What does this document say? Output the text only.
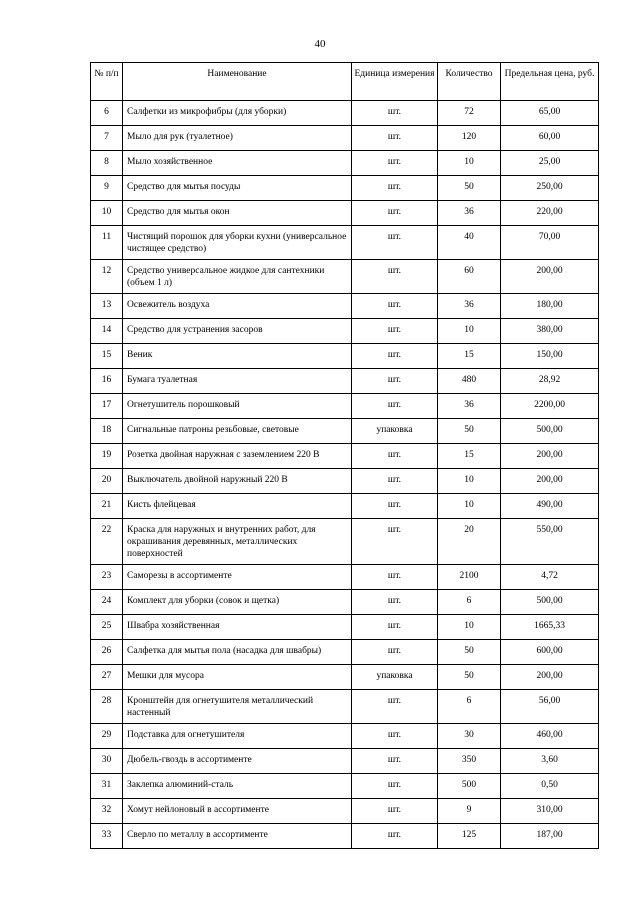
40
№ п/п	Наименование	Единица измерения	Количество	Предельная цена, руб.
6	Салфетки из микрофибры (для уборки)	шт.	72	65,00
7	Мыло для рук (туалетное)	шт.	120	60,00
8	Мыло хозяйственное	шт.	10	25,00
9	Средство для мытья посуды	шт.	50	250,00
10	Средство для мытья окон	шт.	36	220,00
11	Чистящий порошок для уборки кухни (универсальное чистящее средство)	шт.	40	70,00
12	Средство универсальное жидкое для сантехники (объем 1 л)	шт.	60	200,00
13	Освежитель воздуха	шт.	36	180,00
14	Средство для устранения засоров	шт.	10	380,00
15	Веник	шт.	15	150,00
16	Бумага туалетная	шт.	480	28,92
17	Огнетушитель порошковый	шт.	36	2200,00
18	Сигнальные патроны резьбовые, световые	упаковка	50	500,00
19	Розетка двойная наружная с заземлением 220 В	шт.	15	200,00
20	Выключатель двойной наружный 220 В	шт.	10	200,00
21	Кисть флейцевая	шт.	10	490,00
22	Краска для наружных и внутренних работ, для окрашивания деревянных, металлических поверхностей	шт.	20	550,00
23	Саморезы в ассортименте	шт.	2100	4,72
24	Комплект для уборки (совок и щетка)	шт.	6	500,00
25	Швабра хозяйственная	шт.	10	1665,33
26	Салфетка для мытья пола (насадка для швабры)	шт.	50	600,00
27	Мешки для мусора	упаковка	50	200,00
28	Кронштейн для огнетушителя металлический настенный	шт.	6	56,00
29	Подставка для огнетушителя	шт.	30	460,00
30	Дюбель-гвоздь в ассортименте	шт.	350	3,60
31	Заклепка алюминий-сталь	шт.	500	0,50
32	Хомут нейлоновый в ассортименте	шт.	9	310,00
33	Сверло по металлу в ассортименте	шт.	125	187,00
